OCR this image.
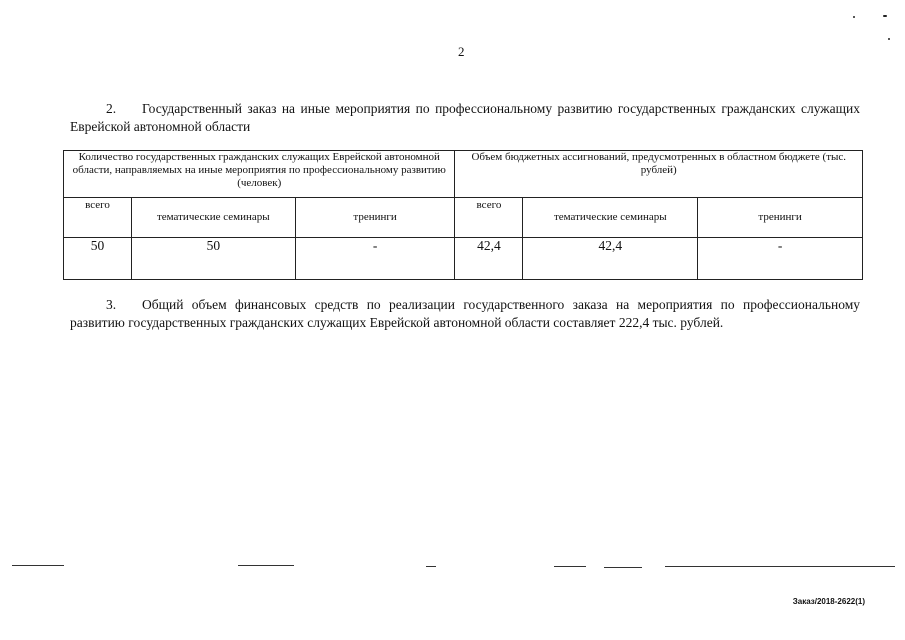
2

2. Государственный заказ на иные мероприятия по профессиональному развитию государственных гражданских служащих Еврейской автономной области

Количество государственных гражданских служащих Еврейской автономной области, направляемых на иные мероприятия по профессиональному развитию (человек)			Объем бюджетных ассигнований, предусмотренных в областном бюджете (тыс. рублей)		
всего	тематические семинары	тренинги	всего	тематические семинары	тренинги
50	50	-	42,4	42,4	-

3. Общий объем финансовых средств по реализации государственного заказа на мероприятия по профессиональному развитию государственных гражданских служащих Еврейской автономной области составляет 222,4 тыс. рублей.

Заказ/2018-2622(1)
